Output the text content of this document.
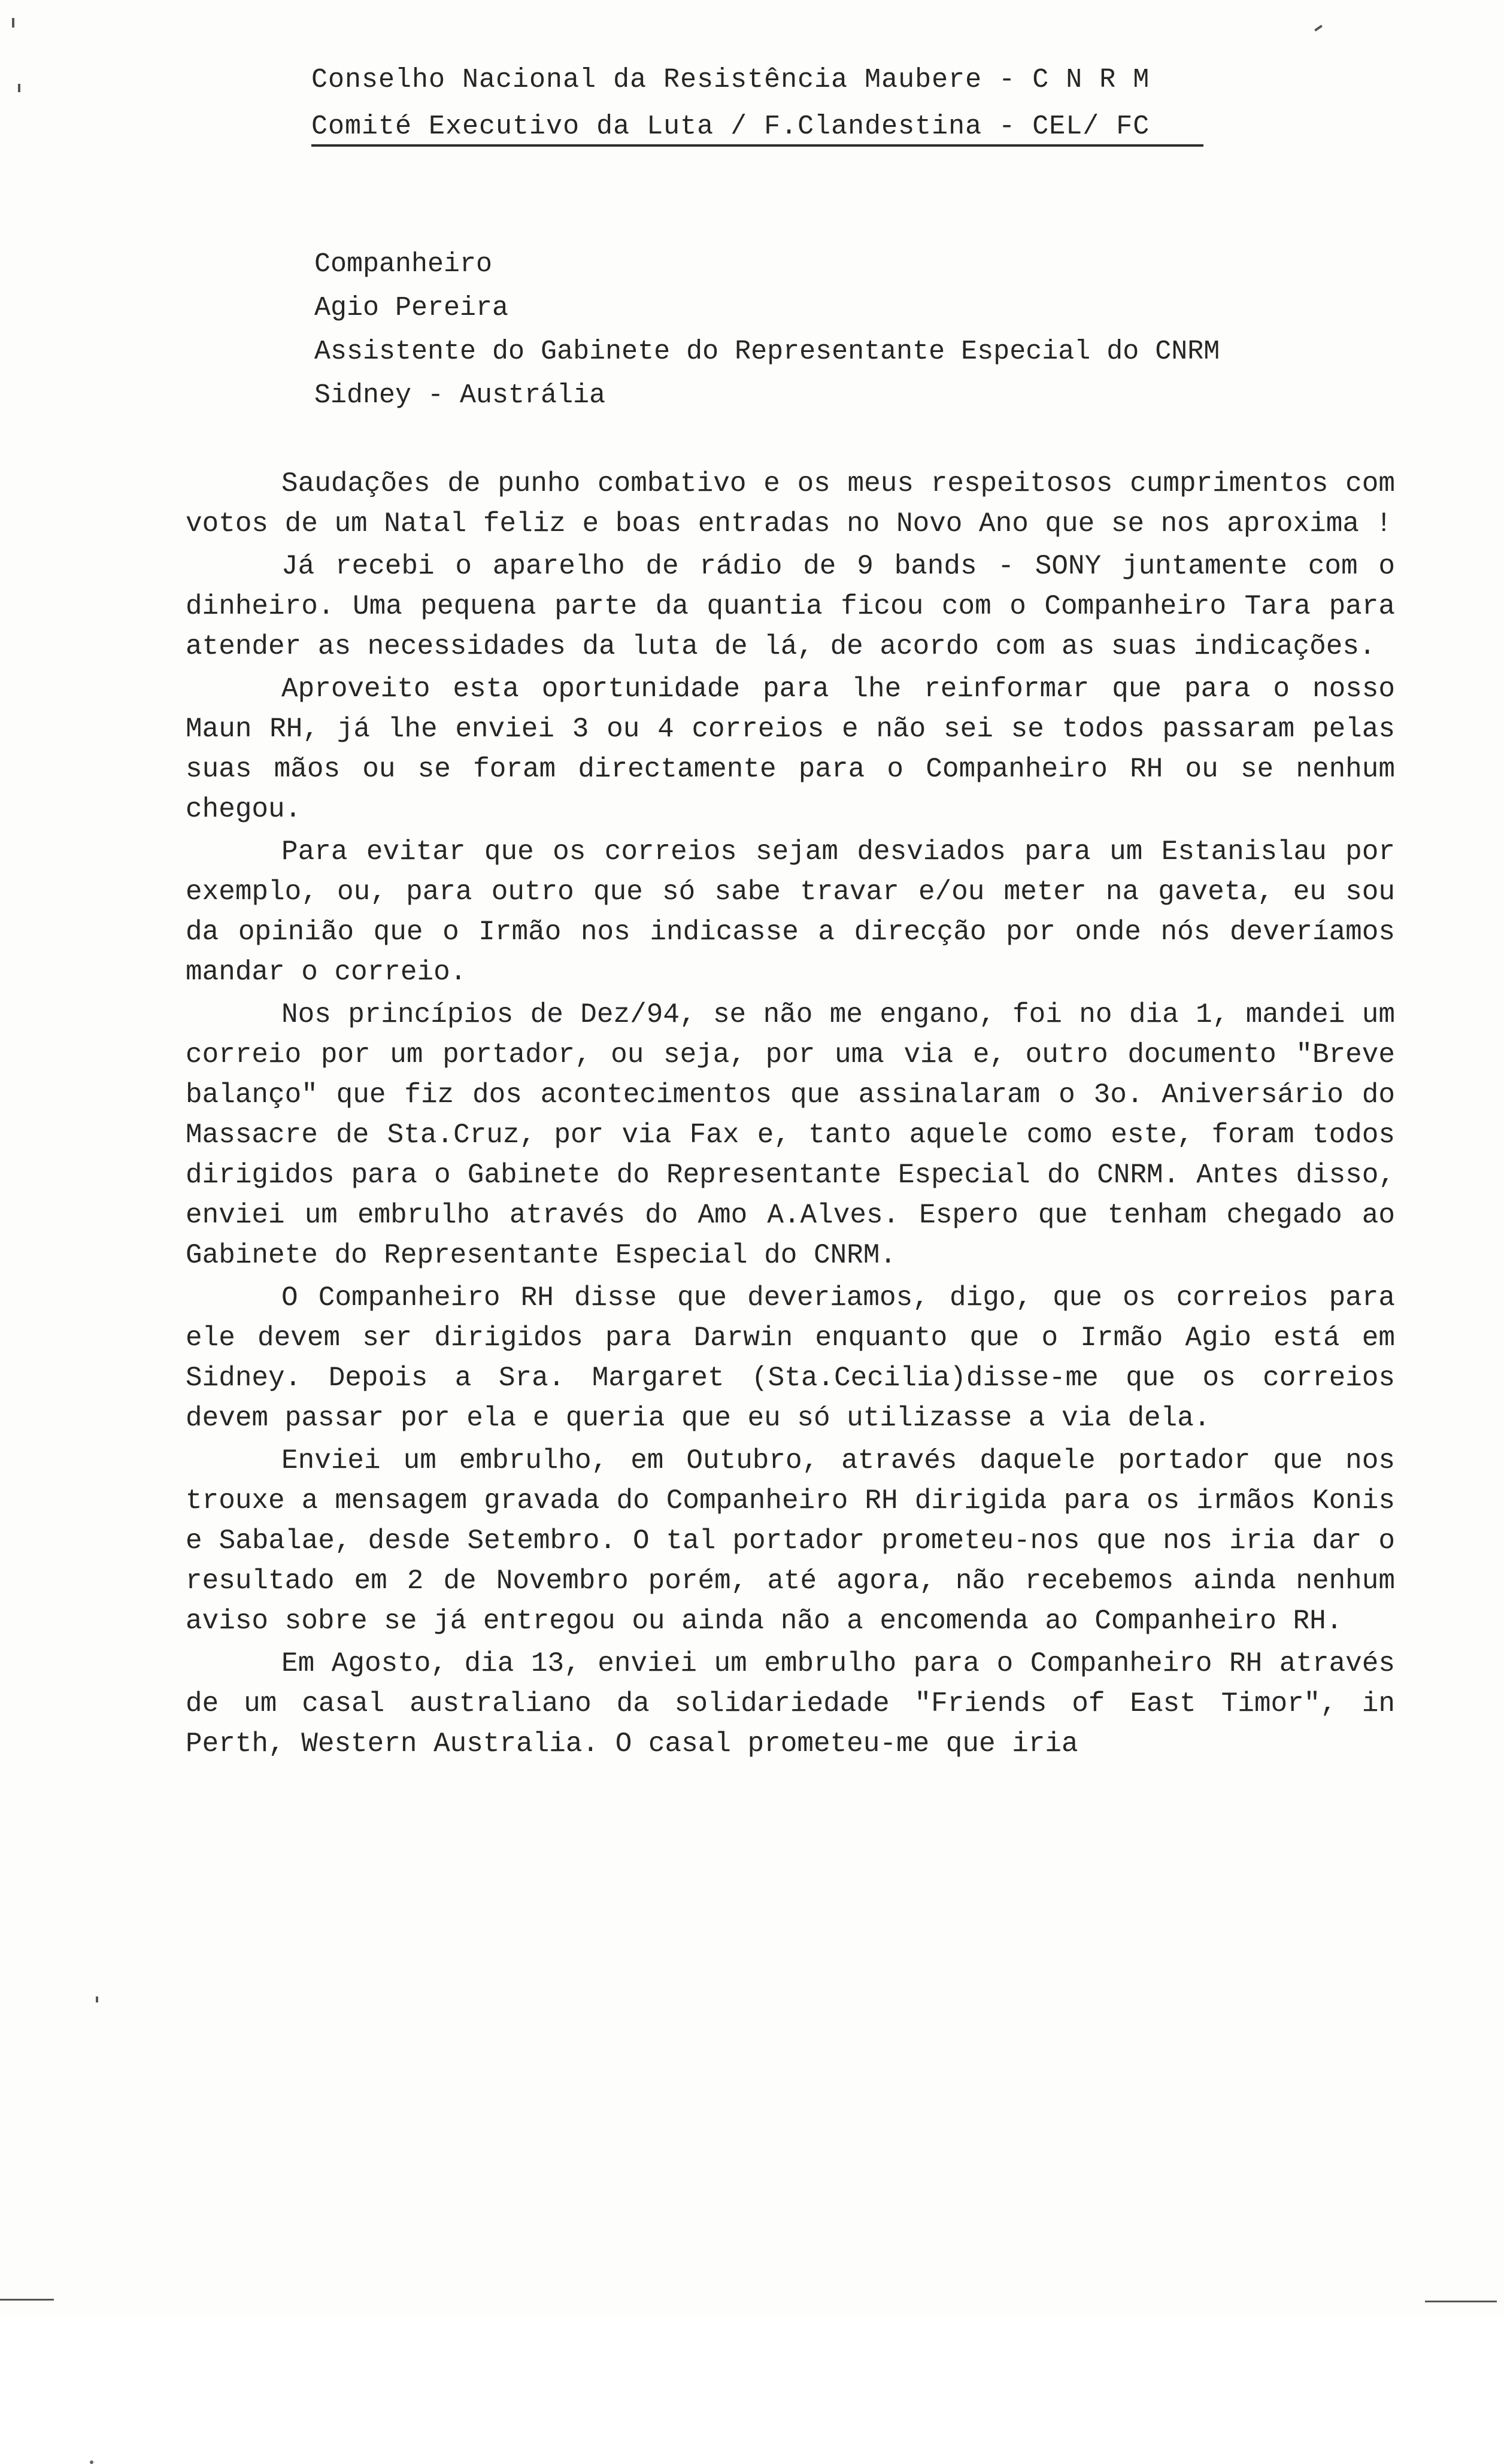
Conselho Nacional da Resistência Maubere - C N R M
Comité Executivo da Luta / F.Clandestina - CEL/ FC
Companheiro
Agio Pereira
Assistente do Gabinete do Representante Especial do CNRM
Sidney - Austrália

Saudações de punho combativo e os meus respeitosos cumprimentos com votos de um Natal feliz e boas entradas no Novo Ano que se nos aproxima !

Já recebi o aparelho de rádio de 9 bands - SONY juntamente com o dinheiro. Uma pequena parte da quantia ficou com o Companheiro Tara para atender as necessidades da luta de lá, de acordo com as suas indicações.

Aproveito esta oportunidade para lhe reinformar que para o nosso Maun RH, já lhe enviei 3 ou 4 correios e não sei se todos passaram pelas suas mãos ou se foram directamente para o Companheiro RH ou se nenhum chegou.

Para evitar que os correios sejam desviados para um Estanislau por exemplo, ou, para outro que só sabe travar e/ou meter na gaveta, eu sou da opinião que o Irmão nos indicasse a direcção por onde nós deveríamos mandar o correio.

Nos princípios de Dez/94, se não me engano, foi no dia 1, mandei um correio por um portador, ou seja, por uma via e, outro documento "Breve balanço" que fiz dos acontecimentos que assinalaram o 3o. Aniversário do Massacre de Sta.Cruz, por via Fax e, tanto aquele como este, foram todos dirigidos para o Gabinete do Representante Especial do CNRM. Antes disso, enviei um embrulho através do Amo A.Alves. Espero que tenham chegado ao Gabinete do Representante Especial do CNRM.

O Companheiro RH disse que deveriamos, digo, que os correios para ele devem ser dirigidos para Darwin enquanto que o Irmão Agio está em Sidney. Depois a Sra. Margaret (Sta.Cecilia)disse-me que os correios devem passar por ela e queria que eu só utilizasse a via dela.

Enviei um embrulho, em Outubro, através daquele portador que nos trouxe a mensagem gravada do Companheiro RH dirigida para os irmãos Konis e Sabalae, desde Setembro. O tal portador prometeu-nos que nos iria dar o resultado em 2 de Novembro porém, até agora, não recebemos ainda nenhum aviso sobre se já entregou ou ainda não a encomenda ao Companheiro RH.

Em Agosto, dia 13, enviei um embrulho para o Companheiro RH através de um casal australiano da solidariedade "Friends of East Timor", in Perth, Western Australia. O casal prometeu-me que iria
